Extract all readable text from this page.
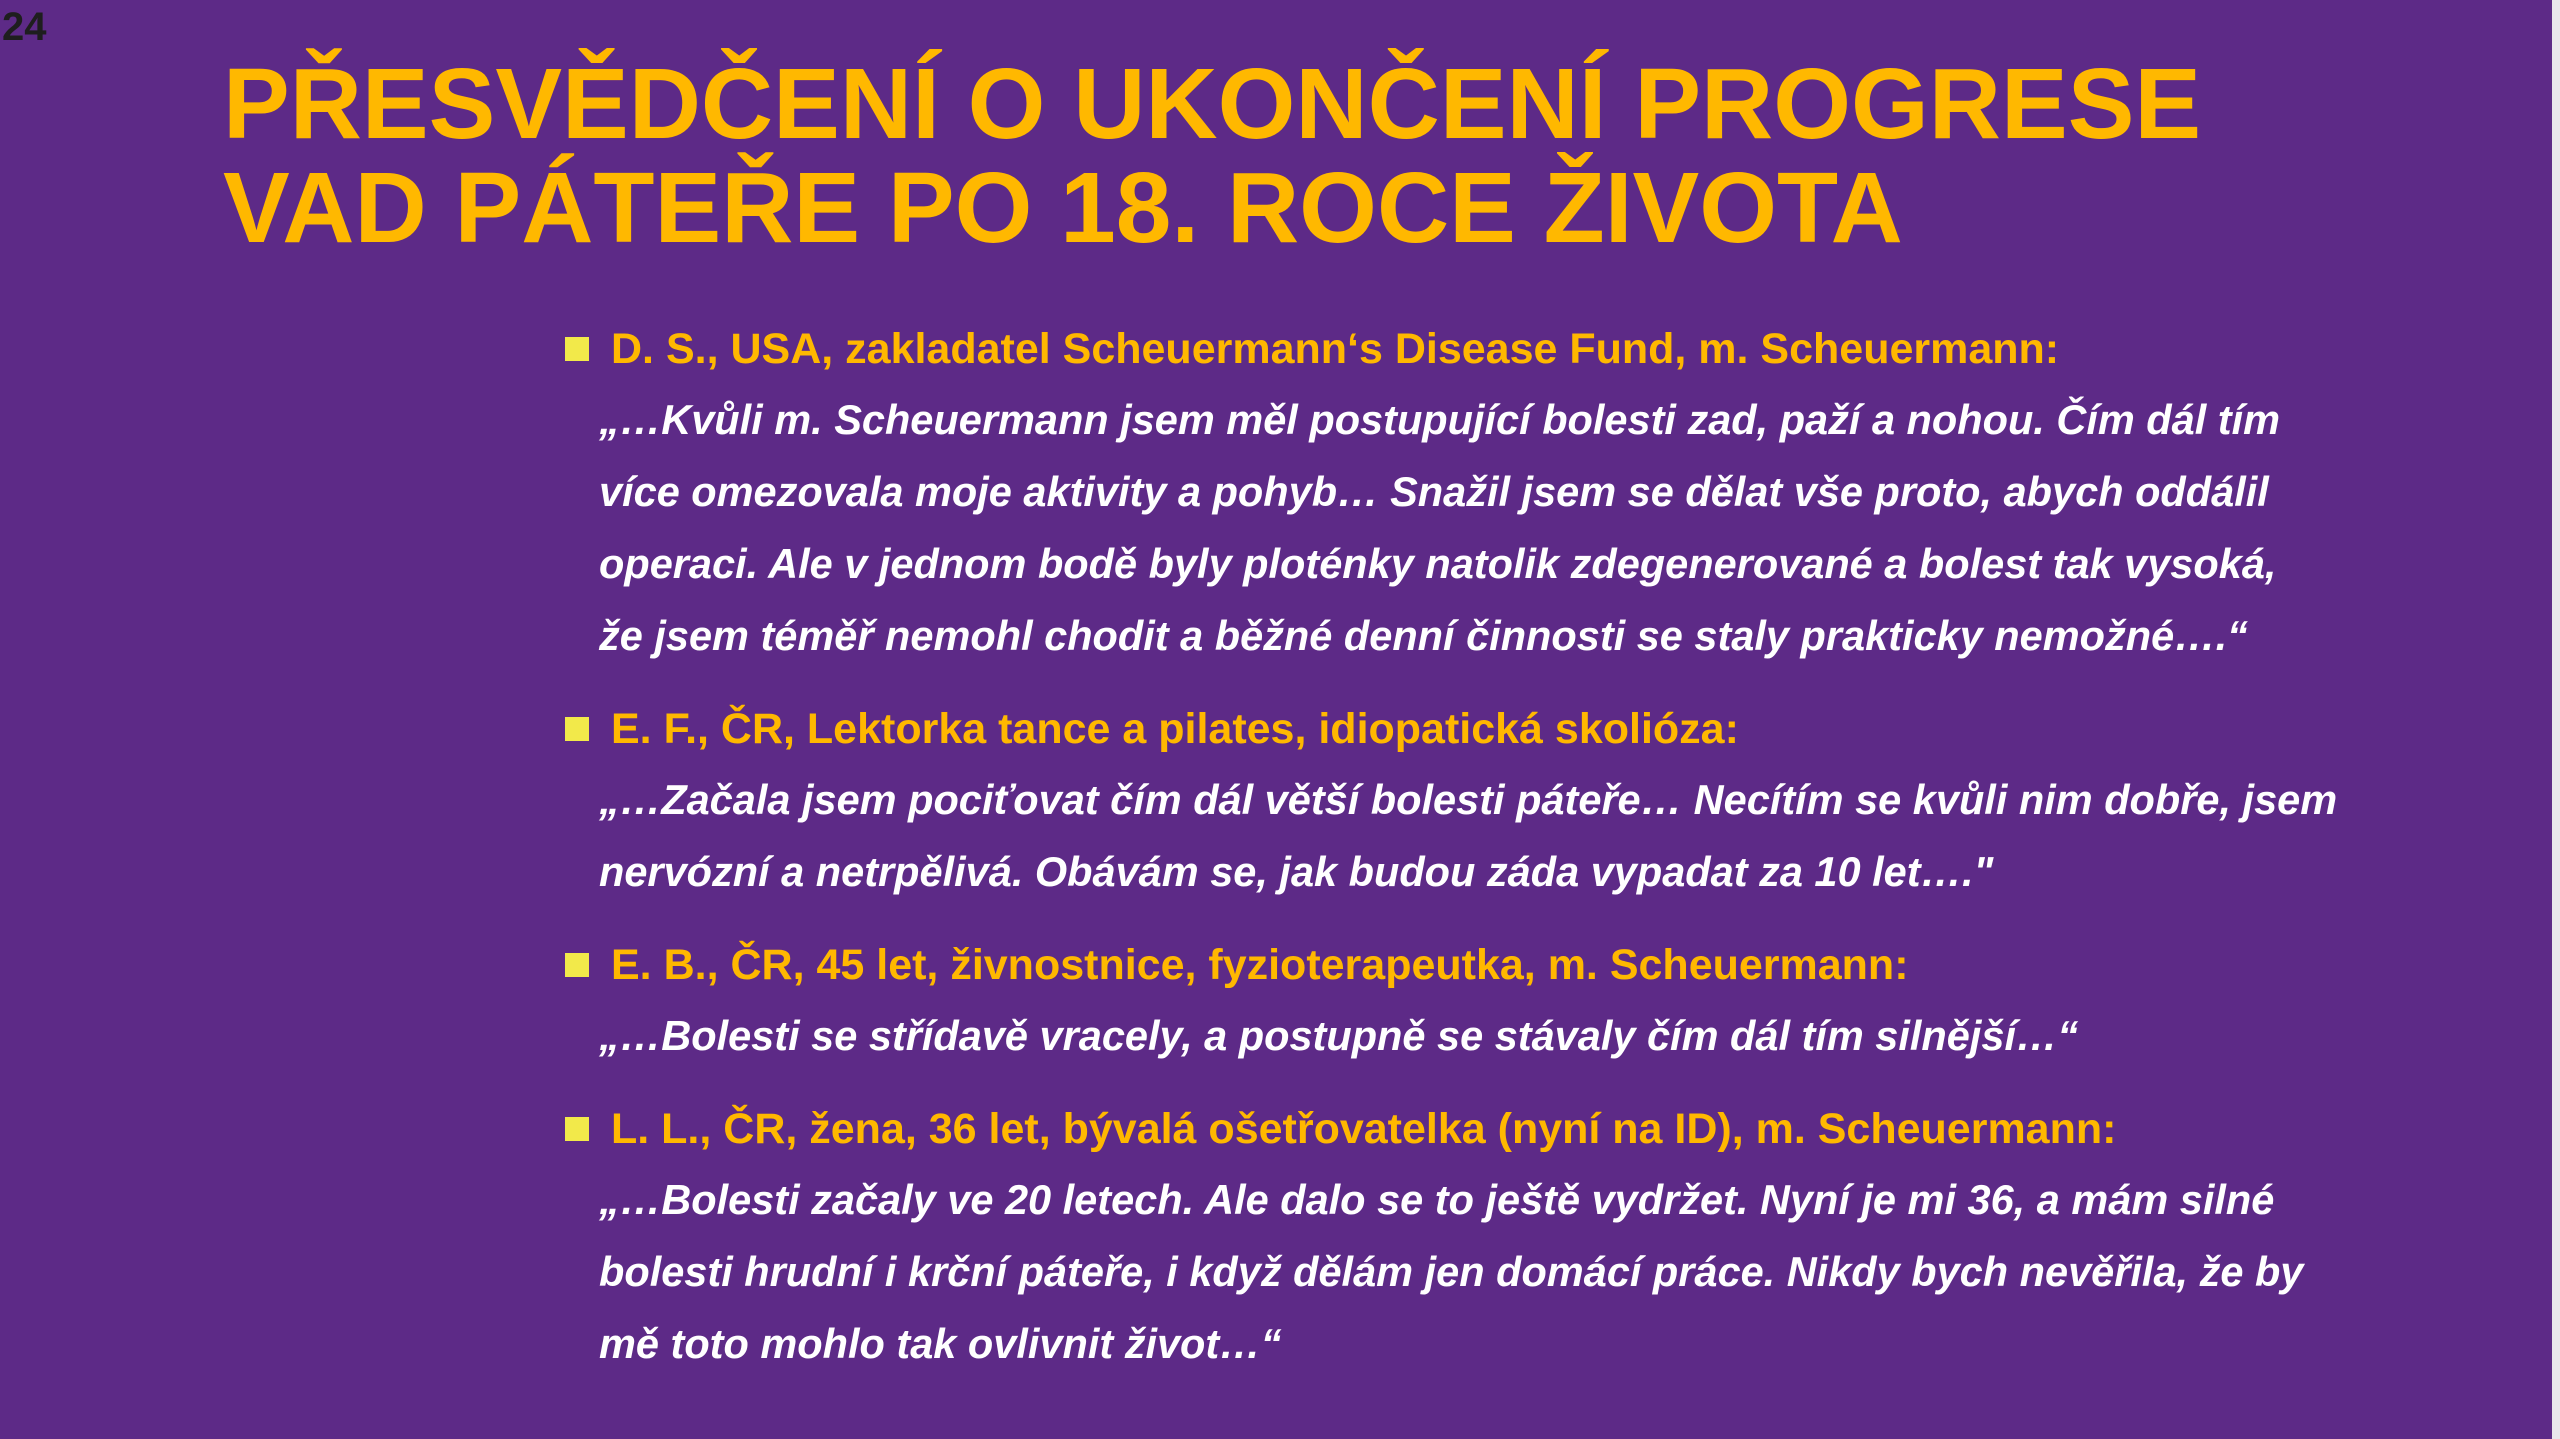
24
PŘESVĚDČENÍ O UKONČENÍ PROGRESE
VAD PÁTEŘE PO 18. ROCE ŽIVOTA
D. S., USA, zakladatel Scheuermann‘s Disease Fund, m. Scheuermann:

„…Kvůli m. Scheuermann jsem měl postupující bolesti zad, paží a nohou. Čím dál tím
více omezovala moje aktivity a pohyb… Snažil jsem se dělat vše proto, abych oddálil
operaci. Ale v jednom bodě byly ploténky natolik zdegenerované a bolest tak vysoká,
že jsem téměř nemohl chodit a běžné denní činnosti se staly prakticky nemožné….“

E. F., ČR, Lektorka tance a pilates, idiopatická skolióza:

„…Začala jsem pociťovat čím dál větší bolesti páteře… Necítím se kvůli nim dobře, jsem
nervózní a netrpělivá. Obávám se, jak budou záda vypadat za 10 let…."

E. B., ČR, 45 let, živnostnice, fyzioterapeutka, m. Scheuermann:

„…Bolesti se střídavě vracely, a postupně se stávaly čím dál tím silnější…“

L. L., ČR, žena, 36 let, bývalá ošetřovatelka (nyní na ID), m. Scheuermann:

„…Bolesti začaly ve 20 letech. Ale dalo se to ještě vydržet. Nyní je mi 36, a mám silné
bolesti hrudní i krční páteře, i když dělám jen domácí práce. Nikdy bych nevěřila, že by
mě toto mohlo tak ovlivnit život…“
